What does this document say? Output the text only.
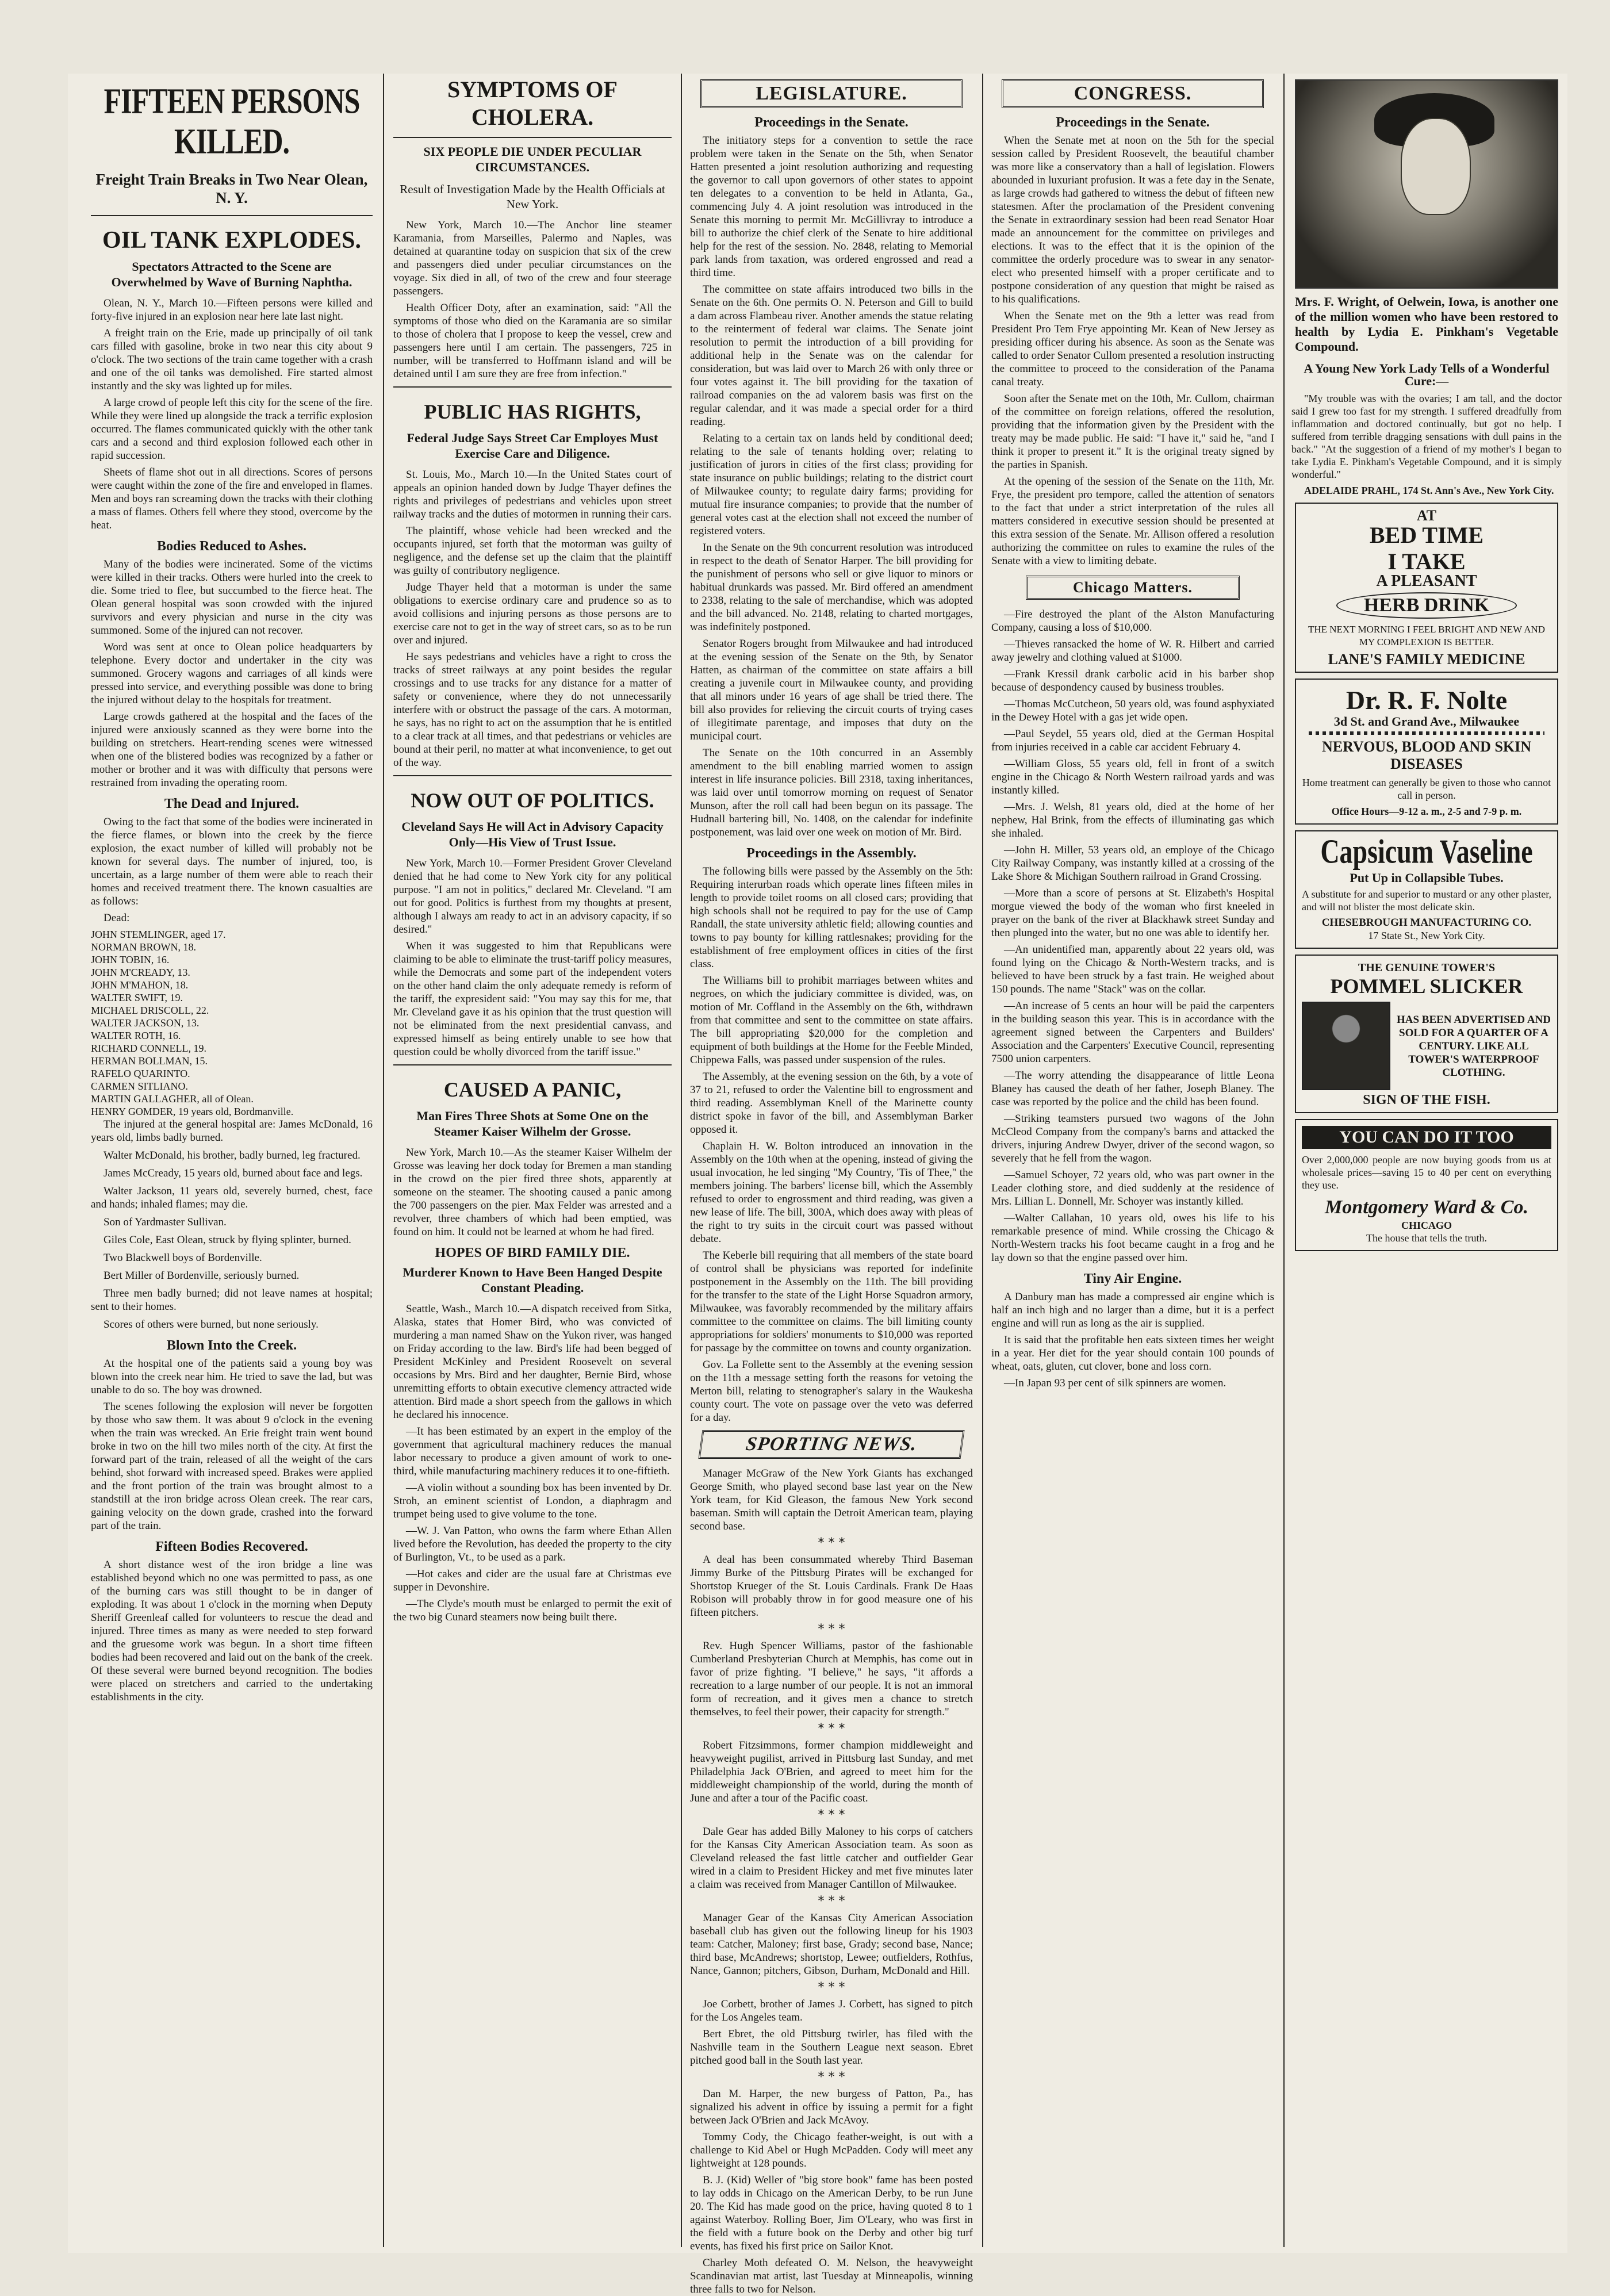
FIFTEEN PERSONS KILLED.
Freight Train Breaks in Two Near Olean, N. Y.
OIL TANK EXPLODES.
Spectators Attracted to the Scene are Overwhelmed by Wave of Burning Naphtha.

Olean, N. Y., March 10.—Fifteen persons were killed and forty-five injured in an explosion near here late last night.

A freight train on the Erie, made up principally of oil tank cars filled with gasoline, broke in two near this city about 9 o'clock. The two sections of the train came together with a crash and one of the oil tanks was demolished. Fire started almost instantly and the sky was lighted up for miles.

A large crowd of people left this city for the scene of the fire. While they were lined up alongside the track a terrific explosion occurred. The flames communicated quickly with the other tank cars and a second and third explosion followed each other in rapid succession.

Sheets of flame shot out in all directions. Scores of persons were caught within the zone of the fire and enveloped in flames. Men and boys ran screaming down the tracks with their clothing a mass of flames. Others fell where they stood, overcome by the heat.

Bodies Reduced to Ashes.

Many of the bodies were incinerated. Some of the victims were killed in their tracks. Others were hurled into the creek to die. Some tried to flee, but succumbed to the fierce heat. The Olean general hospital was soon crowded with the injured survivors and every physician and nurse in the city was summoned. Some of the injured can not recover.

Word was sent at once to Olean police headquarters by telephone. Every doctor and undertaker in the city was summoned. Grocery wagons and carriages of all kinds were pressed into service, and everything possible was done to bring the injured without delay to the hospitals for treatment.

Large crowds gathered at the hospital and the faces of the injured were anxiously scanned as they were borne into the building on stretchers. Heart-rending scenes were witnessed when one of the blistered bodies was recognized by a father or mother or brother and it was with difficulty that persons were restrained from invading the operating room.

The Dead and Injured.

Owing to the fact that some of the bodies were incinerated in the fierce flames, or blown into the creek by the fierce explosion, the exact number of killed will probably not be known for several days. The number of injured, too, is uncertain, as a large number of them were able to reach their homes and received treatment there. The known casualties are as follows:

Dead:

JOHN STEMLINGER, aged 17.
NORMAN BROWN, 18.
JOHN TOBIN, 16.
JOHN M'CREADY, 13.
JOHN M'MAHON, 18.
WALTER SWIFT, 19.
MICHAEL DRISCOLL, 22.
WALTER JACKSON, 13.
WALTER ROTH, 16.
RICHARD CONNELL, 19.
HERMAN BOLLMAN, 15.
RAFELO QUARINTO.
CARMEN SITLIANO.
MARTIN GALLAGHER, all of Olean.
HENRY GOMDER, 19 years old, Bordmanville.

The injured at the general hospital are: James McDonald, 16 years old, limbs badly burned.

Walter McDonald, his brother, badly burned, leg fractured.

James McCready, 15 years old, burned about face and legs.

Walter Jackson, 11 years old, severely burned, chest, face and hands; inhaled flames; may die.

Son of Yardmaster Sullivan.

Giles Cole, East Olean, struck by flying splinter, burned.

Two Blackwell boys of Bordenville.

Bert Miller of Bordenville, seriously burned.

Three men badly burned; did not leave names at hospital; sent to their homes.

Scores of others were burned, but none seriously.

Blown Into the Creek.

At the hospital one of the patients said a young boy was blown into the creek near him. He tried to save the lad, but was unable to do so. The boy was drowned.

The scenes following the explosion will never be forgotten by those who saw them. It was about 9 o'clock in the evening when the train was wrecked. An Erie freight train went bound broke in two on the hill two miles north of the city. At first the forward part of the train, released of all the weight of the cars behind, shot forward with increased speed. Brakes were applied and the front portion of the train was brought almost to a standstill at the iron bridge across Olean creek. The rear cars, gaining velocity on the down grade, crashed into the forward part of the train.

Fifteen Bodies Recovered.

A short distance west of the iron bridge a line was established beyond which no one was permitted to pass, as one of the burning cars was still thought to be in danger of exploding. It was about 1 o'clock in the morning when Deputy Sheriff Greenleaf called for volunteers to rescue the dead and injured. Three times as many as were needed to step forward and the gruesome work was begun. In a short time fifteen bodies had been recovered and laid out on the bank of the creek. Of these several were burned beyond recognition. The bodies were placed on stretchers and carried to the undertaking establishments in the city.

SYMPTOMS OF CHOLERA.
SIX PEOPLE DIE UNDER PECULIAR CIRCUMSTANCES.
Result of Investigation Made by the Health Officials at New York.

New York, March 10.—The Anchor line steamer Karamania, from Marseilles, Palermo and Naples, was detained at quarantine today on suspicion that six of the crew and passengers died under peculiar circumstances on the voyage. Six died in all, of two of the crew and four steerage passengers.

Health Officer Doty, after an examination, said: "All the symptoms of those who died on the Karamania are so similar to those of cholera that I propose to keep the vessel, crew and passengers here until I am certain. The passengers, 725 in number, will be transferred to Hoffmann island and will be detained until I am sure they are free from infection."

PUBLIC HAS RIGHTS,
Federal Judge Says Street Car Employes Must Exercise Care and Diligence.

St. Louis, Mo., March 10.—In the United States court of appeals an opinion handed down by Judge Thayer defines the rights and privileges of pedestrians and vehicles upon street railway tracks and the duties of motormen in running their cars.

The plaintiff, whose vehicle had been wrecked and the occupants injured, set forth that the motorman was guilty of negligence, and the defense set up the claim that the plaintiff was guilty of contributory negligence.

Judge Thayer held that a motorman is under the same obligations to exercise ordinary care and prudence so as to avoid collisions and injuring persons as those persons are to exercise care not to get in the way of street cars, so as to be run over and injured.

He says pedestrians and vehicles have a right to cross the tracks of street railways at any point besides the regular crossings and to use tracks for any distance for a matter of safety or convenience, where they do not unnecessarily interfere with or obstruct the passage of the cars. A motorman, he says, has no right to act on the assumption that he is entitled to a clear track at all times, and that pedestrians or vehicles are bound at their peril, no matter at what inconvenience, to get out of the way.

NOW OUT OF POLITICS.
Cleveland Says He will Act in Advisory Capacity Only—His View of Trust Issue.

New York, March 10.—Former President Grover Cleveland denied that he had come to New York city for any political purpose. "I am not in politics," declared Mr. Cleveland. "I am out for good. Politics is furthest from my thoughts at present, although I always am ready to act in an advisory capacity, if so desired."

When it was suggested to him that Republicans were claiming to be able to eliminate the trust-tariff policy measures, while the Democrats and some part of the independent voters on the other hand claim the only adequate remedy is reform of the tariff, the expresident said: "You may say this for me, that Mr. Cleveland gave it as his opinion that the trust question will not be eliminated from the next presidential canvass, and expressed himself as being entirely unable to see how that question could be wholly divorced from the tariff issue."

CAUSED A PANIC,
Man Fires Three Shots at Some One on the Steamer Kaiser Wilhelm der Grosse.

New York, March 10.—As the steamer Kaiser Wilhelm der Grosse was leaving her dock today for Bremen a man standing in the crowd on the pier fired three shots, apparently at someone on the steamer. The shooting caused a panic among the 700 passengers on the pier. Max Felder was arrested and a revolver, three chambers of which had been emptied, was found on him. It could not be learned at whom he had fired.

HOPES OF BIRD FAMILY DIE.
Murderer Known to Have Been Hanged Despite Constant Pleading.

Seattle, Wash., March 10.—A dispatch received from Sitka, Alaska, states that Homer Bird, who was convicted of murdering a man named Shaw on the Yukon river, was hanged on Friday according to the law. Bird's life had been begged of President McKinley and President Roosevelt on several occasions by Mrs. Bird and her daughter, Bernie Bird, whose unremitting efforts to obtain executive clemency attracted wide attention. Bird made a short speech from the gallows in which he declared his innocence.

—It has been estimated by an expert in the employ of the government that agricultural machinery reduces the manual labor necessary to produce a given amount of work to one-third, while manufacturing machinery reduces it to one-fiftieth.

—A violin without a sounding box has been invented by Dr. Stroh, an eminent scientist of London, a diaphragm and trumpet being used to give volume to the tone.

—W. J. Van Patton, who owns the farm where Ethan Allen lived before the Revolution, has deeded the property to the city of Burlington, Vt., to be used as a park.

—Hot cakes and cider are the usual fare at Christmas eve supper in Devonshire.

—The Clyde's mouth must be enlarged to permit the exit of the two big Cunard steamers now being built there.

LEGISLATURE.
Proceedings in the Senate.

The initiatory steps for a convention to settle the race problem were taken in the Senate on the 5th, when Senator Hatten presented a joint resolution authorizing and requesting the governor to call upon governors of other states to appoint ten delegates to a convention to be held in Atlanta, Ga., commencing July 4. A joint resolution was introduced in the Senate this morning to permit Mr. McGillivray to introduce a bill to authorize the chief clerk of the Senate to hire additional help for the rest of the session. No. 2848, relating to Memorial park lands from taxation, was ordered engrossed and read a third time.

The committee on state affairs introduced two bills in the Senate on the 6th. One permits O. N. Peterson and Gill to build a dam across Flambeau river. Another amends the statue relating to the reinterment of federal war claims. The Senate joint resolution to permit the introduction of a bill providing for additional help in the Senate was on the calendar for consideration, but was laid over to March 26 with only three or four votes against it. The bill providing for the taxation of railroad companies on the ad valorem basis was first on the regular calendar, and it was made a special order for a third reading.

Relating to a certain tax on lands held by conditional deed; relating to the sale of tenants holding over; relating to justification of jurors in cities of the first class; providing for state insurance on public buildings; relating to the district court of Milwaukee county; to regulate dairy farms; providing for mutual fire insurance companies; to provide that the number of general votes cast at the election shall not exceed the number of registered voters.

In the Senate on the 9th concurrent resolution was introduced in respect to the death of Senator Harper. The bill providing for the punishment of persons who sell or give liquor to minors or habitual drunkards was passed. Mr. Bird offered an amendment to 2338, relating to the sale of merchandise, which was adopted and the bill advanced. No. 2148, relating to charted mortgages, was indefinitely postponed.

Senator Rogers brought from Milwaukee and had introduced at the evening session of the Senate on the 9th, by Senator Hatten, as chairman of the committee on state affairs a bill creating a juvenile court in Milwaukee county, and providing that all minors under 16 years of age shall be tried there. The bill also provides for relieving the circuit courts of trying cases of illegitimate parentage, and imposes that duty on the municipal court.

The Senate on the 10th concurred in an Assembly amendment to the bill enabling married women to assign interest in life insurance policies. Bill 2318, taxing inheritances, was laid over until tomorrow morning on request of Senator Munson, after the roll call had been begun on its passage. The Hudnall bartering bill, No. 1408, on the calendar for indefinite postponement, was laid over one week on motion of Mr. Bird.

Proceedings in the Assembly.

The following bills were passed by the Assembly on the 5th: Requiring interurban roads which operate lines fifteen miles in length to provide toilet rooms on all closed cars; providing that high schools shall not be required to pay for the use of Camp Randall, the state university athletic field; allowing counties and towns to pay bounty for killing rattlesnakes; providing for the establishment of free employment offices in cities of the first class.

The Williams bill to prohibit marriages between whites and negroes, on which the judiciary committee is divided, was, on motion of Mr. Coffland in the Assembly on the 6th, withdrawn from that committee and sent to the committee on state affairs. The bill appropriating $20,000 for the completion and equipment of both buildings at the Home for the Feeble Minded, Chippewa Falls, was passed under suspension of the rules.

The Assembly, at the evening session on the 6th, by a vote of 37 to 21, refused to order the Valentine bill to engrossment and third reading. Assemblyman Knell of the Marinette county district spoke in favor of the bill, and Assemblyman Barker opposed it.

Chaplain H. W. Bolton introduced an innovation in the Assembly on the 10th when at the opening, instead of giving the usual invocation, he led singing "My Country, 'Tis of Thee," the members joining. The barbers' license bill, which the Assembly refused to order to engrossment and third reading, was given a new lease of life. The bill, 300A, which does away with pleas of the right to try suits in the circuit court was passed without debate.

The Keberle bill requiring that all members of the state board of control shall be physicians was reported for indefinite postponement in the Assembly on the 11th. The bill providing for the transfer to the state of the Light Horse Squadron armory, Milwaukee, was favorably recommended by the military affairs committee to the committee on claims. The bill limiting county appropriations for soldiers' monuments to $10,000 was reported for passage by the committee on towns and county organization.

Gov. La Follette sent to the Assembly at the evening session on the 11th a message setting forth the reasons for vetoing the Merton bill, relating to stenographer's salary in the Waukesha county court. The vote on passage over the veto was deferred for a day.

SPORTING NEWS.

Manager McGraw of the New York Giants has exchanged George Smith, who played second base last year on the New York team, for Kid Gleason, the famous New York second baseman. Smith will captain the Detroit American team, playing second base.

* * *

A deal has been consummated whereby Third Baseman Jimmy Burke of the Pittsburg Pirates will be exchanged for Shortstop Krueger of the St. Louis Cardinals. Frank De Haas Robison will probably throw in for good measure one of his fifteen pitchers.

* * *

Rev. Hugh Spencer Williams, pastor of the fashionable Cumberland Presbyterian Church at Memphis, has come out in favor of prize fighting. "I believe," he says, "it affords a recreation to a large number of our people. It is not an immoral form of recreation, and it gives men a chance to stretch themselves, to feel their power, their capacity for strength."

* * *

Robert Fitzsimmons, former champion middleweight and heavyweight pugilist, arrived in Pittsburg last Sunday, and met Philadelphia Jack O'Brien, and agreed to meet him for the middleweight championship of the world, during the month of June and after a tour of the Pacific coast.

* * *

Dale Gear has added Billy Maloney to his corps of catchers for the Kansas City American Association team. As soon as Cleveland released the fast little catcher and outfielder Gear wired in a claim to President Hickey and met five minutes later a claim was received from Manager Cantillon of Milwaukee.

* * *

Manager Gear of the Kansas City American Association baseball club has given out the following lineup for his 1903 team: Catcher, Maloney; first base, Grady; second base, Nance; third base, McAndrews; shortstop, Lewee; outfielders, Rothfus, Nance, Gannon; pitchers, Gibson, Durham, McDonald and Hill.

* * *

Joe Corbett, brother of James J. Corbett, has signed to pitch for the Los Angeles team.

Bert Ebret, the old Pittsburg twirler, has filed with the Nashville team in the Southern League next season. Ebret pitched good ball in the South last year.

* * *

Dan M. Harper, the new burgess of Patton, Pa., has signalized his advent in office by issuing a permit for a fight between Jack O'Brien and Jack McAvoy.

Tommy Cody, the Chicago feather-weight, is out with a challenge to Kid Abel or Hugh McPadden. Cody will meet any lightweight at 128 pounds.

B. J. (Kid) Weller of "big store book" fame has been posted to lay odds in Chicago on the American Derby, to be run June 20. The Kid has made good on the price, having quoted 8 to 1 against Waterboy. Rolling Boer, Jim O'Leary, who was first in the field with a future book on the Derby and other big turf events, has fixed his first price on Sailor Knot.

Charley Moth defeated O. M. Nelson, the heavyweight Scandinavian mat artist, last Tuesday at Minneapolis, winning three falls to two for Nelson.

CONGRESS.
Proceedings in the Senate.

When the Senate met at noon on the 5th for the special session called by President Roosevelt, the beautiful chamber was more like a conservatory than a hall of legislation. Flowers abounded in luxuriant profusion. It was a fete day in the Senate, as large crowds had gathered to witness the debut of fifteen new statesmen. After the proclamation of the President convening the Senate in extraordinary session had been read Senator Hoar made an announcement for the committee on privileges and elections. It was to the effect that it is the opinion of the committee the orderly procedure was to swear in any senator-elect who presented himself with a proper certificate and to postpone consideration of any question that might be raised as to his qualifications.

When the Senate met on the 9th a letter was read from President Pro Tem Frye appointing Mr. Kean of New Jersey as presiding officer during his absence. As soon as the Senate was called to order Senator Cullom presented a resolution instructing the committee to proceed to the consideration of the Panama canal treaty.

Soon after the Senate met on the 10th, Mr. Cullom, chairman of the committee on foreign relations, offered the resolution, providing that the information given by the President with the treaty may be made public. He said: "I have it," said he, "and I think it proper to present it." It is the original treaty signed by the parties in Spanish.

At the opening of the session of the Senate on the 11th, Mr. Frye, the president pro tempore, called the attention of senators to the fact that under a strict interpretation of the rules all matters considered in executive session should be presented at this extra session of the Senate. Mr. Allison offered a resolution authorizing the committee on rules to examine the rules of the Senate with a view to limiting debate.

Chicago Matters.

—Fire destroyed the plant of the Alston Manufacturing Company, causing a loss of $10,000.

—Thieves ransacked the home of W. R. Hilbert and carried away jewelry and clothing valued at $1000.

—Frank Kressil drank carbolic acid in his barber shop because of despondency caused by business troubles.

—Thomas McCutcheon, 50 years old, was found asphyxiated in the Dewey Hotel with a gas jet wide open.

—Paul Seydel, 55 years old, died at the German Hospital from injuries received in a cable car accident February 4.

—William Gloss, 55 years old, fell in front of a switch engine in the Chicago & North Western railroad yards and was instantly killed.

—Mrs. J. Welsh, 81 years old, died at the home of her nephew, Hal Brink, from the effects of illuminating gas which she inhaled.

—John H. Miller, 53 years old, an employe of the Chicago City Railway Company, was instantly killed at a crossing of the Lake Shore & Michigan Southern railroad in Grand Crossing.

—More than a score of persons at St. Elizabeth's Hospital morgue viewed the body of the woman who first kneeled in prayer on the bank of the river at Blackhawk street Sunday and then plunged into the water, but no one was able to identify her.

—An unidentified man, apparently about 22 years old, was found lying on the Chicago & North-Western tracks, and is believed to have been struck by a fast train. He weighed about 150 pounds. The name "Stack" was on the collar.

—An increase of 5 cents an hour will be paid the carpenters in the building season this year. This is in accordance with the agreement signed between the Carpenters and Builders' Association and the Carpenters' Executive Council, representing 7500 union carpenters.

—The worry attending the disappearance of little Leona Blaney has caused the death of her father, Joseph Blaney. The case was reported by the police and the child has been found.

—Striking teamsters pursued two wagons of the John McCleod Company from the company's barns and attacked the drivers, injuring Andrew Dwyer, driver of the second wagon, so severely that he fell from the wagon.

—Samuel Schoyer, 72 years old, who was part owner in the Leader clothing store, and died suddenly at the residence of Mrs. Lillian L. Donnell, Mr. Schoyer was instantly killed.

—Walter Callahan, 10 years old, owes his life to his remarkable presence of mind. While crossing the Chicago & North-Western tracks his foot became caught in a frog and he lay down so that the engine passed over him.

Tiny Air Engine.

A Danbury man has made a compressed air engine which is half an inch high and no larger than a dime, but it is a perfect engine and will run as long as the air is supplied.

It is said that the profitable hen eats sixteen times her weight in a year. Her diet for the year should contain 100 pounds of wheat, oats, gluten, cut clover, bone and loss corn.

—In Japan 93 per cent of silk spinners are women.

Mrs. F. Wright, of Oelwein, Iowa, is another one of the million women who have been restored to health by Lydia E. Pinkham's Vegetable Compound.
A Young New York Lady Tells of a Wonderful Cure:—

"My trouble was with the ovaries; I am tall, and the doctor said I grew too fast for my strength. I suffered dreadfully from inflammation and doctored continually, but got no help. I suffered from terrible dragging sensations with dull pains in the back." "At the suggestion of a friend of my mother's I began to take Lydia E. Pinkham's Vegetable Compound, and it is simply wonderful."

ADELAIDE PRAHL, 174 St. Ann's Ave., New York City.

AT
BED TIME
I TAKE
A PLEASANT
HERB DRINK
THE NEXT MORNING I FEEL BRIGHT AND NEW AND MY COMPLEXION IS BETTER.
LANE'S FAMILY MEDICINE
Dr. R. F. Nolte
3d St. and Grand Ave., Milwaukee
NERVOUS, BLOOD AND SKIN DISEASES
Home treatment can generally be given to those who cannot call in person.
Office Hours—9-12 a. m., 2-5 and 7-9 p. m.
Capsicum Vaseline
Put Up in Collapsible Tubes.
A substitute for and superior to mustard or any other plaster, and will not blister the most delicate skin.
CHESEBROUGH MANUFACTURING CO.
17 State St., New York City.
THE GENUINE TOWER'S
POMMEL SLICKER
HAS BEEN ADVERTISED AND SOLD FOR A QUARTER OF A CENTURY. LIKE ALL TOWER'S WATERPROOF CLOTHING.
SIGN OF THE FISH.
YOU CAN DO IT TOO
Over 2,000,000 people are now buying goods from us at wholesale prices—saving 15 to 40 per cent on everything they use.
Montgomery Ward & Co.
CHICAGO
The house that tells the truth.
